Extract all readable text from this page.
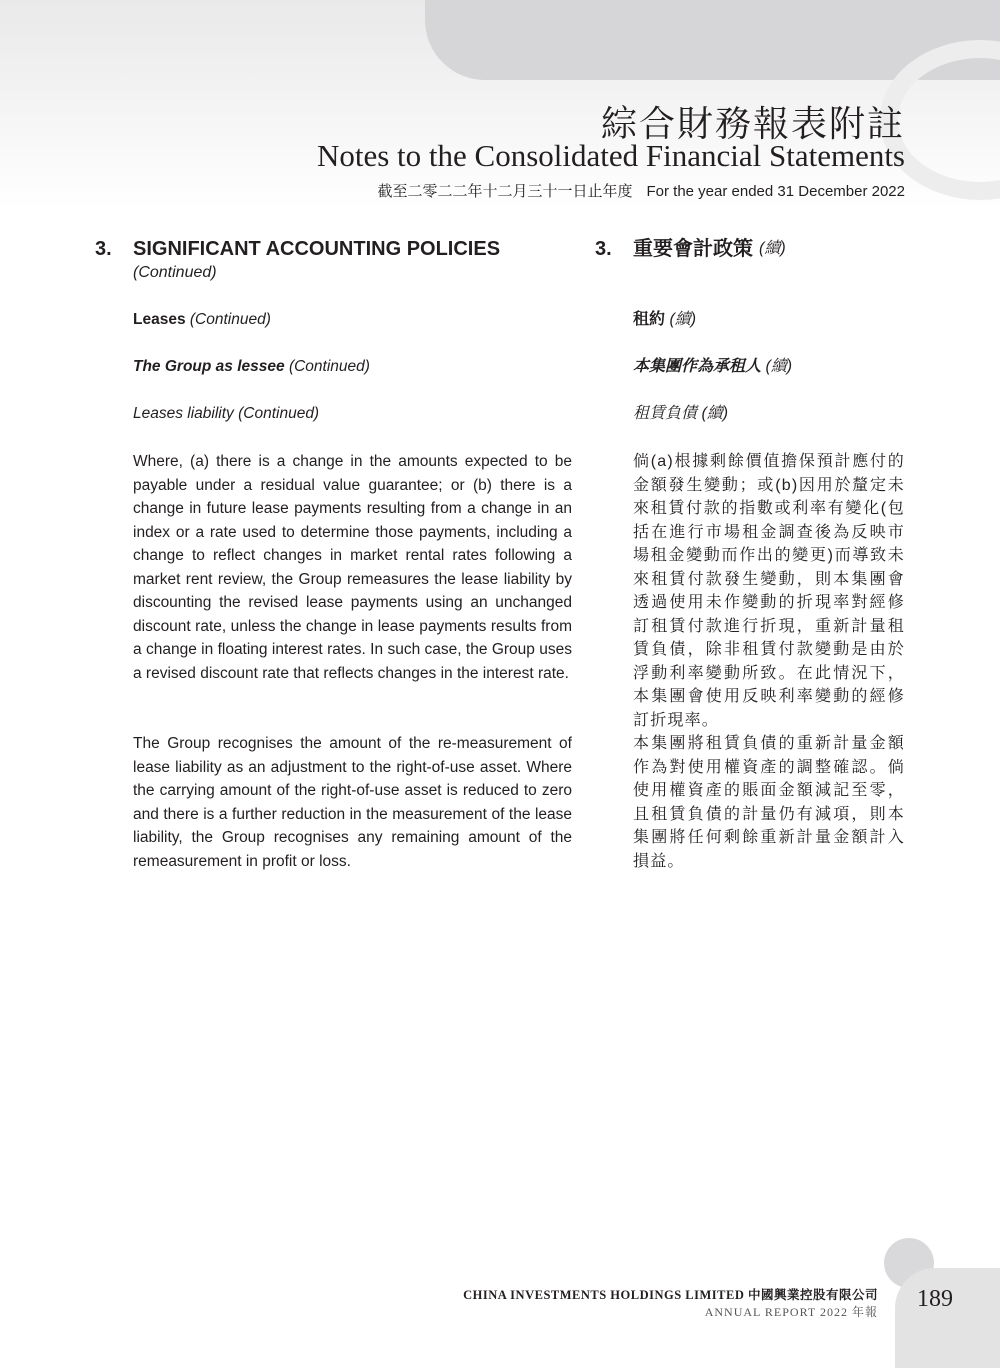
綜合財務報表附註
Notes to the Consolidated Financial Statements
截至二零二二年十二月三十一日止年度 For the year ended 31 December 2022
3.	SIGNIFICANT ACCOUNTING POLICIES
(Continued)
Leases (Continued)
The Group as lessee (Continued)
Leases liability (Continued)
Where, (a) there is a change in the amounts expected to be payable under a residual value guarantee; or (b) there is a change in future lease payments resulting from a change in an index or a rate used to determine those payments, including a change to reflect changes in market rental rates following a market rent review, the Group remeasures the lease liability by discounting the revised lease payments using an unchanged discount rate, unless the change in lease payments results from a change in floating interest rates. In such case, the Group uses a revised discount rate that reflects changes in the interest rate.
The Group recognises the amount of the re-measurement of lease liability as an adjustment to the right-of-use asset. Where the carrying amount of the right-of-use asset is reduced to zero and there is a further reduction in the measurement of the lease liability, the Group recognises any remaining amount of the remeasurement in profit or loss.
3.	重要會計政策 (續)
租約 (續)
本集團作為承租人 (續)
租賃負債 (續)
倘(a)根據剩餘價值擔保預計應付的金額發生變動；或(b)因用於釐定未來租賃付款的指數或利率有變化(包括在進行市場租金調查後為反映市場租金變動而作出的變更)而導致未來租賃付款發生變動，則本集團會透過使用未作變動的折現率對經修訂租賃付款進行折現，重新計量租賃負債，除非租賃付款變動是由於浮動利率變動所致。在此情況下，本集團會使用反映利率變動的經修訂折現率。
本集團將租賃負債的重新計量金額作為對使用權資產的調整確認。倘使用權資產的賬面金額減記至零，且租賃負債的計量仍有減項，則本集團將任何剩餘重新計量金額計入損益。
CHINA INVESTMENTS HOLDINGS LIMITED 中國興業控股有限公司
ANNUAL REPORT 2022 年報 189
